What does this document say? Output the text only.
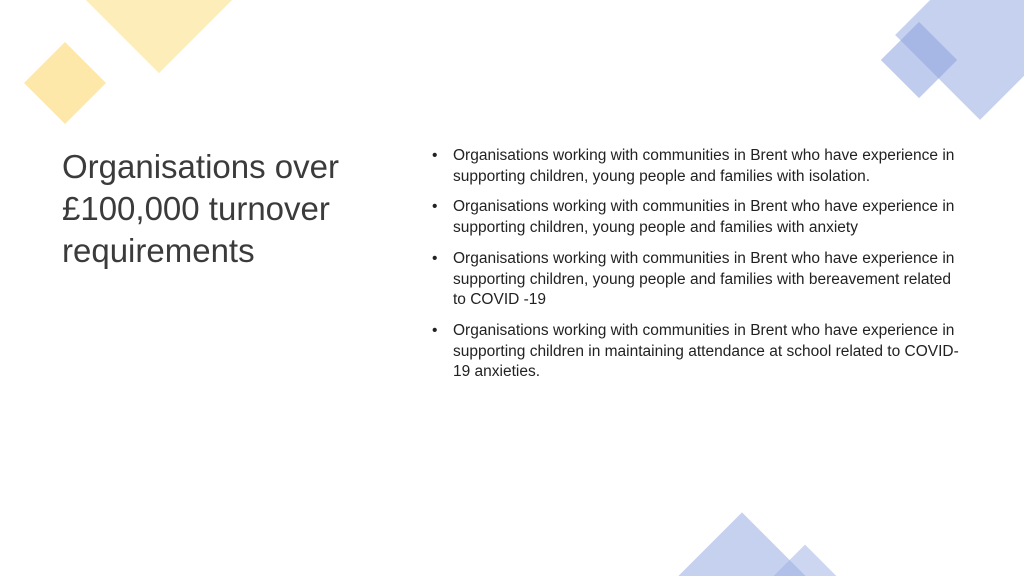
Organisations over
£100,000 turnover
requirements
•	Organisations working with communities in Brent who have experience in supporting children, young people and families with isolation.
•	Organisations working with communities in Brent who have experience in supporting children, young people and families with anxiety
•	Organisations working with communities in Brent who have experience in supporting children, young people and families with bereavement related to COVID -19
•	Organisations working with communities in Brent who have experience in supporting children in maintaining attendance at school related to COVID-19 anxieties.
